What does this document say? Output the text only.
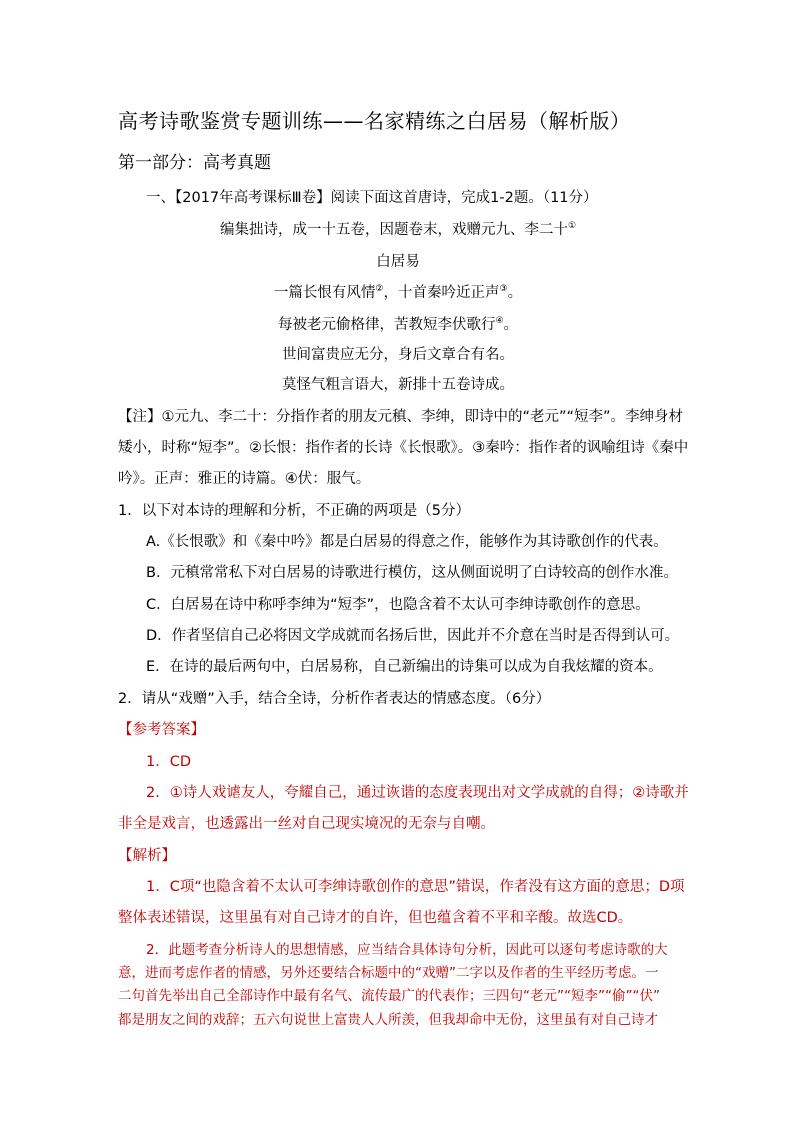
高考诗歌鉴赏专题训练——名家精练之白居易（解析版）
第一部分：高考真题
一、【2017年高考课标Ⅲ卷】阅读下面这首唐诗，完成1-2题。（11分）
编集拙诗，成一十五卷，因题卷末，戏赠元九、李二十①
白居易
一篇长恨有风情②，十首秦吟近正声③。
每被老元偷格律，苦教短李伏歌行④。
世间富贵应无分，身后文章合有名。
莫怪气粗言语大，新排十五卷诗成。
【注】①元九、李二十：分指作者的朋友元稹、李绅，即诗中的“老元”“短李”。李绅身材
矮小，时称“短李”。②长恨：指作者的长诗《长恨歌》。③秦吟：指作者的讽喻组诗《秦中
吟》。正声：雅正的诗篇。④伏：服气。
1．以下对本诗的理解和分析，不正确的两项是（5分）
A.《长恨歌》和《秦中吟》都是白居易的得意之作，能够作为其诗歌创作的代表。
B．元稹常常私下对白居易的诗歌进行模仿，这从侧面说明了白诗较高的创作水准。
C．白居易在诗中称呼李绅为“短李”，也隐含着不太认可李绅诗歌创作的意思。
D．作者坚信自己必将因文学成就而名扬后世，因此并不介意在当时是否得到认可。
E．在诗的最后两句中，白居易称，自己新编出的诗集可以成为自我炫耀的资本。
2．请从“戏赠”入手，结合全诗，分析作者表达的情感态度。（6分）
【参考答案】
1．CD
2．①诗人戏谑友人，夸耀自己，通过诙谐的态度表现出对文学成就的自得；②诗歌并
非全是戏言，也透露出一丝对自己现实境况的无奈与自嘲。
【解析】
1．C项“也隐含着不太认可李绅诗歌创作的意思”错误，作者没有这方面的意思；D项
整体表述错误，这里虽有对自己诗才的自许，但也蕴含着不平和辛酸。故选CD。
2．此题考查分析诗人的思想情感，应当结合具体诗句分析，因此可以逐句考虑诗歌的大
意，进而考虑作者的情感，另外还要结合标题中的“戏赠”二字以及作者的生平经历考虑。一
二句首先举出自己全部诗作中最有名气、流传最广的代表作；三四句“老元”“短李”“偷”“伏”
都是朋友之间的戏辞；五六句说世上富贵人人所羡，但我却命中无份，这里虽有对自己诗才
